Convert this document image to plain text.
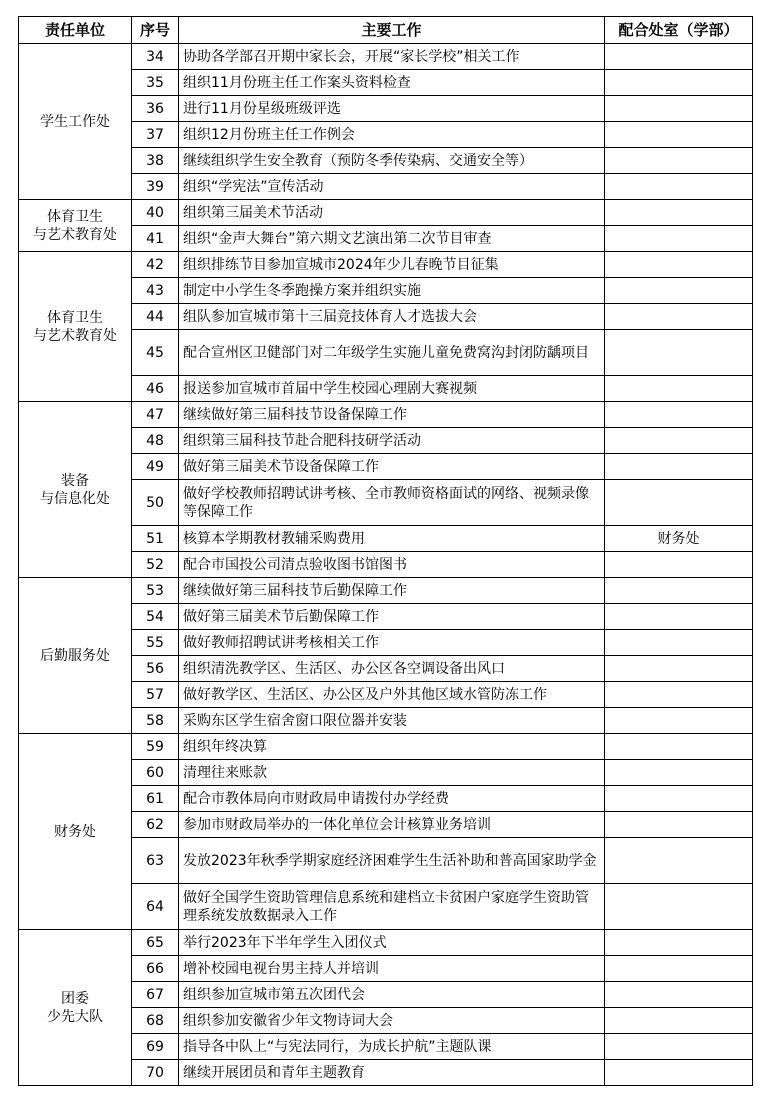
责任单位	序号	主要工作	配合处室（学部）

学生工作处	34	协助各学部召开期中家长会，开展“家长学校”相关工作	
	35	组织11月份班主任工作案头资料检查	
	36	进行11月份星级班级评选	
	37	组织12月份班主任工作例会	
	38	继续组织学生安全教育（预防冬季传染病、交通安全等）	
	39	组织“学宪法”宣传活动	

体育卫生
与艺术教育处	40	组织第三届美术节活动	
	41	组织“金声大舞台”第六期文艺演出第二次节目审查	

体育卫生
与艺术教育处	42	组织排练节目参加宣城市2024年少儿春晚节目征集	
	43	制定中小学生冬季跑操方案并组织实施	
	44	组队参加宣城市第十三届竞技体育人才选拔大会	
	45	配合宣州区卫健部门对二年级学生实施儿童免费窝沟封闭防龋项目	
	46	报送参加宣城市首届中学生校园心理剧大赛视频	

装备
与信息化处	47	继续做好第三届科技节设备保障工作	
	48	组织第三届科技节赴合肥科技研学活动	
	49	做好第三届美术节设备保障工作	
	50	做好学校教师招聘试讲考核、全市教师资格面试的网络、视频录像等保障工作	
	51	核算本学期教材教辅采购费用	财务处
	52	配合市国投公司清点验收图书馆图书	

后勤服务处	53	继续做好第三届科技节后勤保障工作	
	54	做好第三届美术节后勤保障工作	
	55	做好教师招聘试讲考核相关工作	
	56	组织清洗教学区、生活区、办公区各空调设备出风口	
	57	做好教学区、生活区、办公区及户外其他区域水管防冻工作	
	58	采购东区学生宿舍窗口限位器并安装	

财务处	59	组织年终决算	
	60	清理往来账款	
	61	配合市教体局向市财政局申请拨付办学经费	
	62	参加市财政局举办的一体化单位会计核算业务培训	
	63	发放2023年秋季学期家庭经济困难学生生活补助和普高国家助学金	
	64	做好全国学生资助管理信息系统和建档立卡贫困户家庭学生资助管理系统发放数据录入工作	

团委
少先大队	65	举行2023年下半年学生入团仪式	
	66	增补校园电视台男主持人并培训	
	67	组织参加宣城市第五次团代会	
	68	组织参加安徽省少年文物诗词大会	
	69	指导各中队上“与宪法同行，为成长护航”主题队课	
	70	继续开展团员和青年主题教育	
